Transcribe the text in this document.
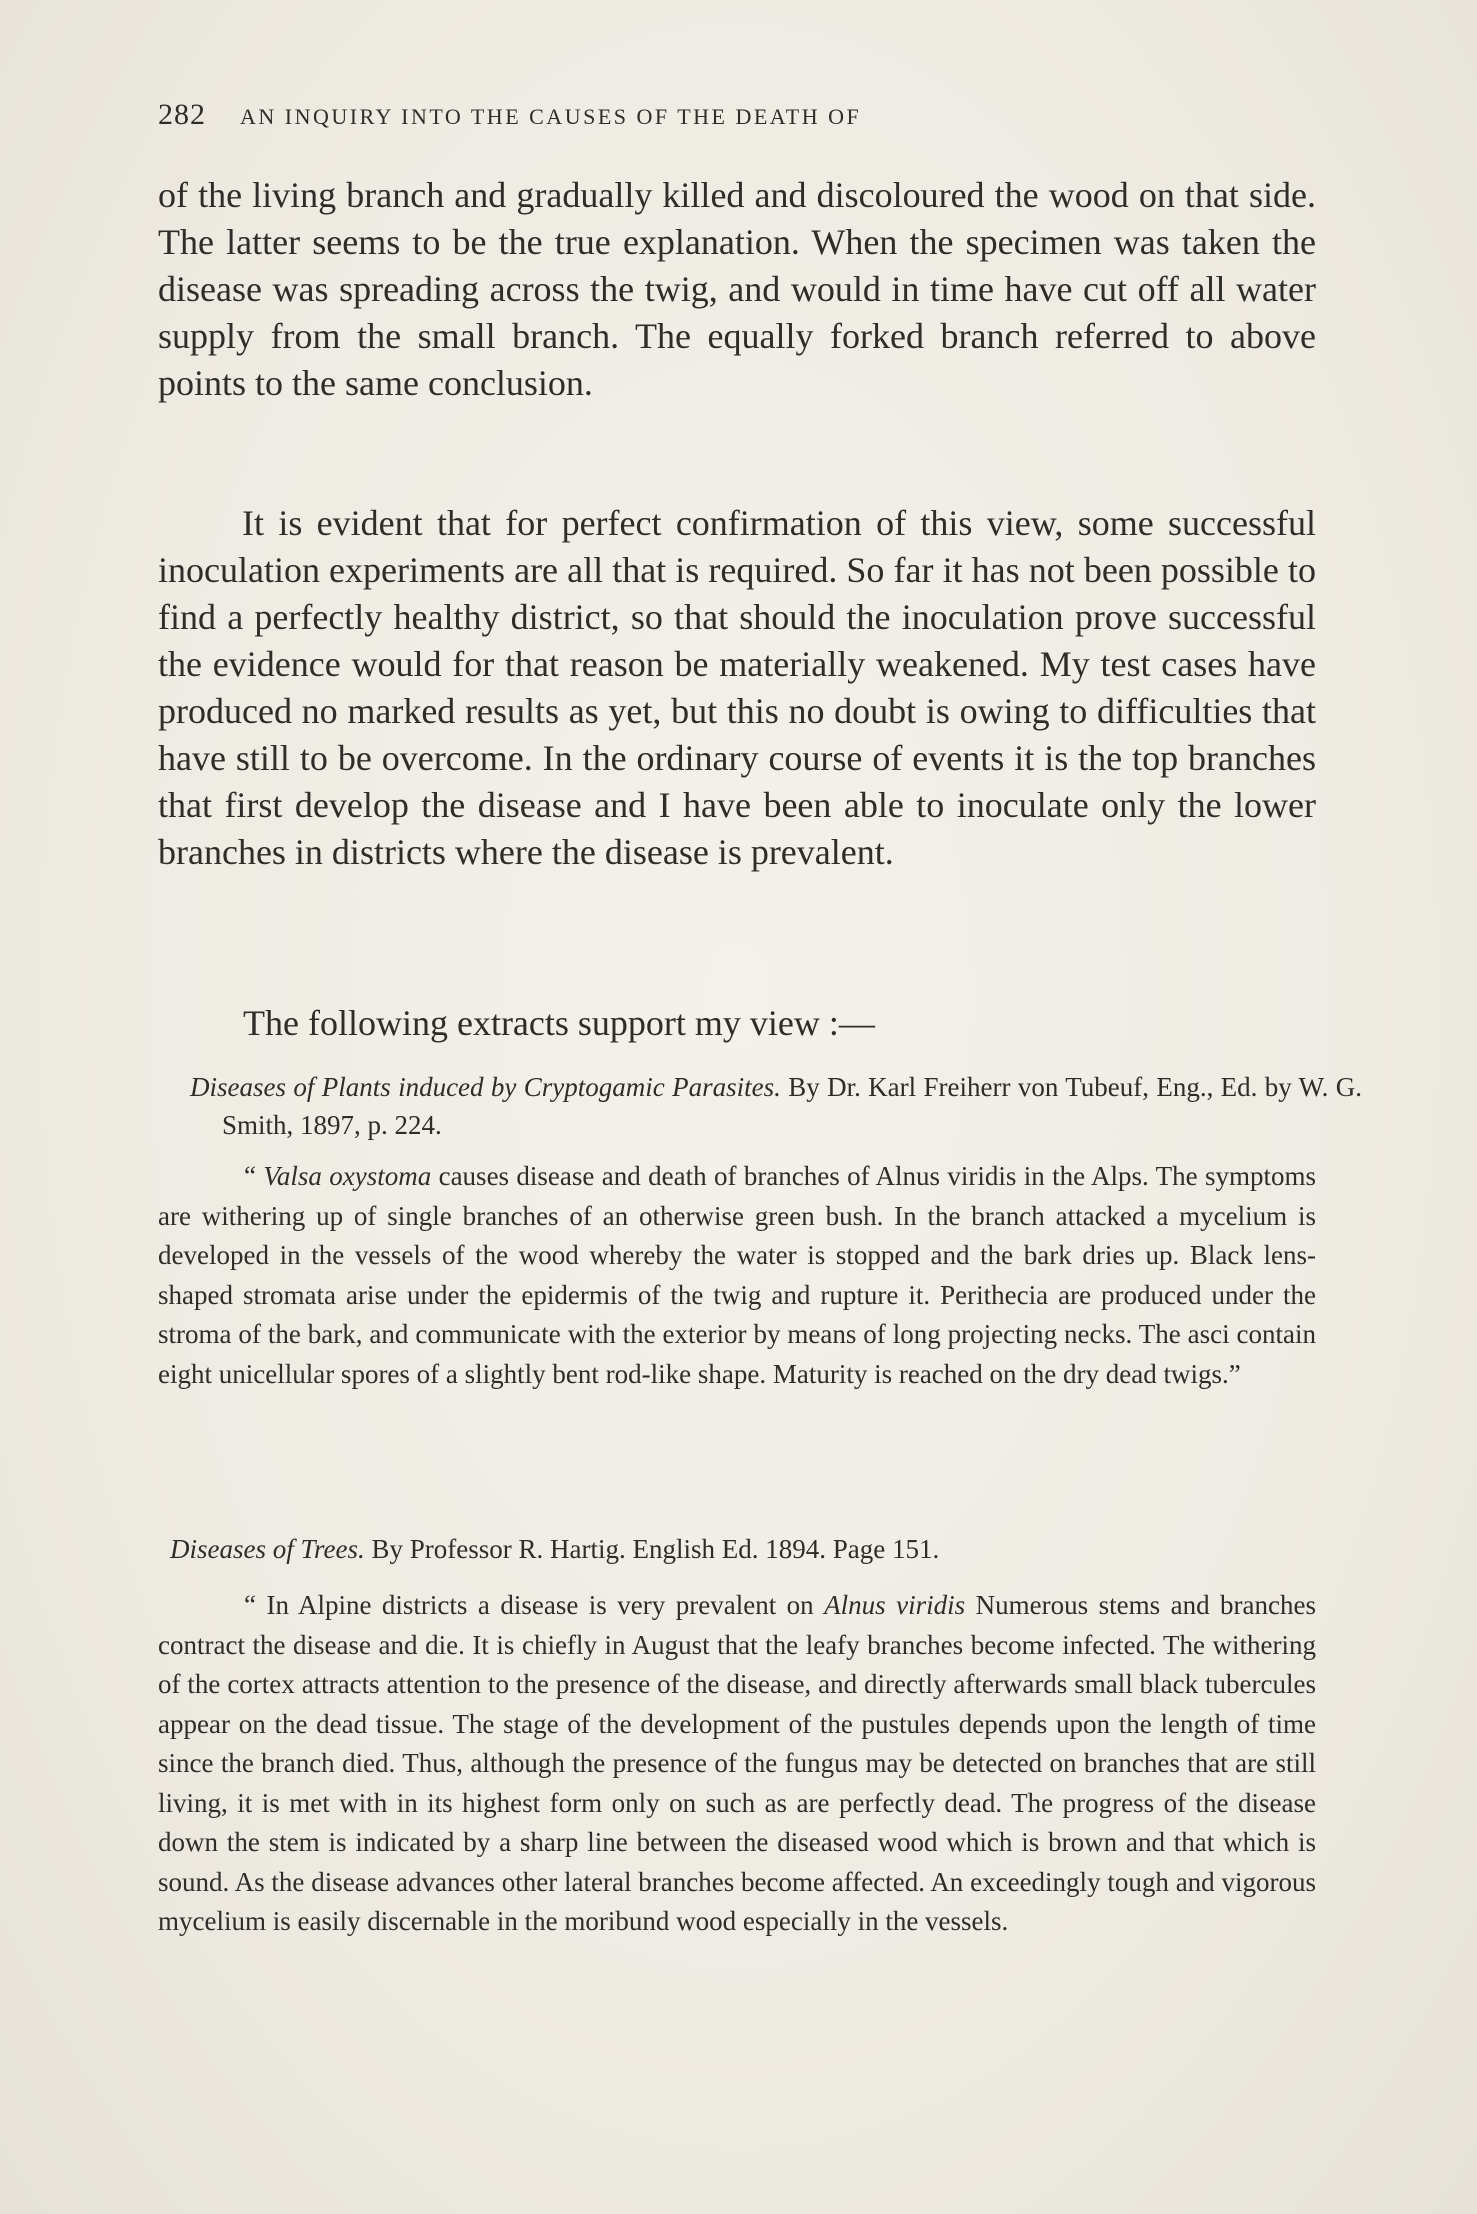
282 AN INQUIRY INTO THE CAUSES OF THE DEATH OF

of the living branch and gradually killed and discoloured the wood on that side. The latter seems to be the true explanation. When the specimen was taken the disease was spreading across the twig, and would in time have cut off all water supply from the small branch. The equally forked branch referred to above points to the same conclusion.

It is evident that for perfect confirmation of this view, some successful inoculation experiments are all that is required. So far it has not been possible to find a perfectly healthy district, so that should the inoculation prove successful the evidence would for that reason be materially weakened. My test cases have produced no marked results as yet, but this no doubt is owing to difficulties that have still to be overcome. In the ordinary course of events it is the top branches that first develop the disease and I have been able to inoculate only the lower branches in districts where the disease is prevalent.

The following extracts support my view :—

Diseases of Plants induced by Cryptogamic Parasites. By Dr. Karl Freiherr von Tubeuf, Eng., Ed. by W. G. Smith, 1897, p. 224.

“ Valsa oxystoma causes disease and death of branches of Alnus viridis in the Alps. The symptoms are withering up of single branches of an otherwise green bush. In the branch attacked a mycelium is developed in the vessels of the wood whereby the water is stopped and the bark dries up. Black lens-shaped stromata arise under the epidermis of the twig and rupture it. Perithecia are produced under the stroma of the bark, and communicate with the exterior by means of long projecting necks. The asci contain eight unicellular spores of a slightly bent rod-like shape. Maturity is reached on the dry dead twigs.”

Diseases of Trees. By Professor R. Hartig. English Ed. 1894. Page 151.

“ In Alpine districts a disease is very prevalent on Alnus viridis Numerous stems and branches contract the disease and die. It is chiefly in August that the leafy branches become infected. The withering of the cortex attracts attention to the presence of the disease, and directly afterwards small black tubercules appear on the dead tissue. The stage of the development of the pustules depends upon the length of time since the branch died. Thus, although the presence of the fungus may be detected on branches that are still living, it is met with in its highest form only on such as are perfectly dead. The progress of the disease down the stem is indicated by a sharp line between the diseased wood which is brown and that which is sound. As the disease advances other lateral branches become affected. An exceedingly tough and vigorous mycelium is easily discernable in the moribund wood especially in the vessels.
